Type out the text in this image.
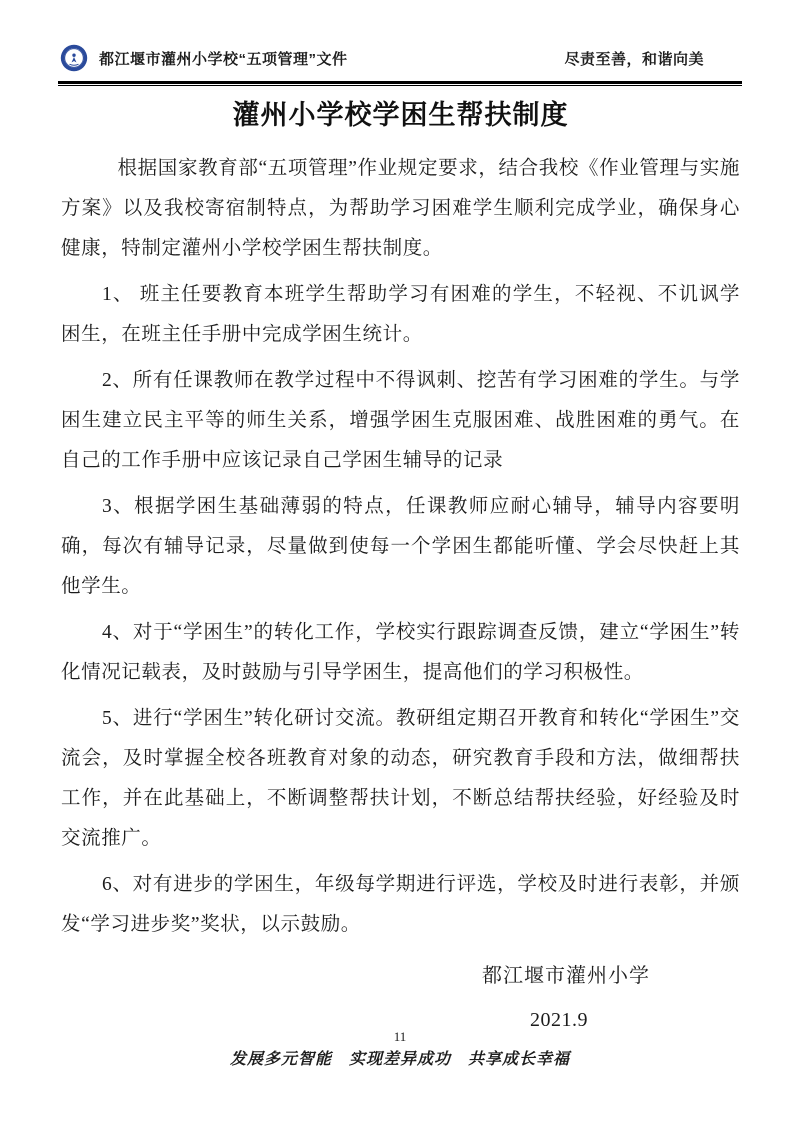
都江堰市灌州小学校“五项管理”文件	尽责至善，和谐向美
灌州小学校学困生帮扶制度

根据国家教育部“五项管理”作业规定要求，结合我校《作业管理与实施方案》以及我校寄宿制特点，为帮助学习困难学生顺利完成学业，确保身心健康，特制定灌州小学校学困生帮扶制度。

1、 班主任要教育本班学生帮助学习有困难的学生，不轻视、不讥讽学困生，在班主任手册中完成学困生统计。

2、所有任课教师在教学过程中不得讽刺、挖苦有学习困难的学生。与学困生建立民主平等的师生关系，增强学困生克服困难、战胜困难的勇气。在自己的工作手册中应该记录自己学困生辅导的记录

3、根据学困生基础薄弱的特点，任课教师应耐心辅导，辅导内容要明确，每次有辅导记录，尽量做到使每一个学困生都能听懂、学会尽快赶上其他学生。

4、对于“学困生”的转化工作，学校实行跟踪调查反馈，建立“学困生”转化情况记载表，及时鼓励与引导学困生，提高他们的学习积极性。

5、进行“学困生”转化研讨交流。教研组定期召开教育和转化“学困生”交流会，及时掌握全校各班教育对象的动态，研究教育手段和方法，做细帮扶工作，并在此基础上，不断调整帮扶计划，不断总结帮扶经验，好经验及时交流推广。

6、对有进步的学困生，年级每学期进行评选，学校及时进行表彰，并颁发“学习进步奖”奖状，以示鼓励。

都江堰市灌州小学

2021.9

11
发展多元智能　实现差异成功　共享成长幸福
